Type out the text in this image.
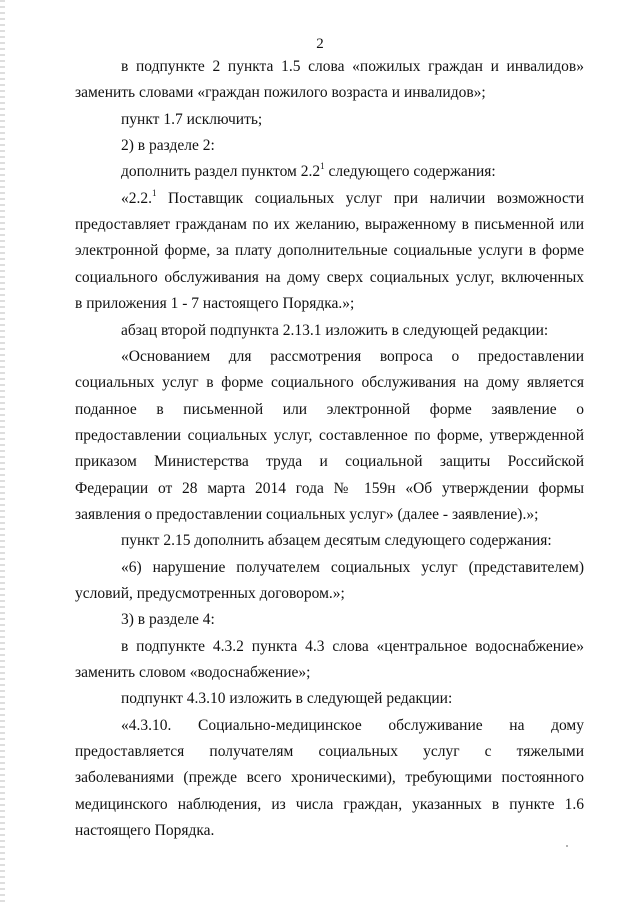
2
в подпункте 2 пункта 1.5 слова «пожилых граждан и инвалидов»
заменить словами «граждан пожилого возраста и инвалидов»;
пункт 1.7 исключить;
2) в разделе 2:
дополнить раздел пунктом $2.2^1$ следующего содержания:
«2.2.$^1$ Поставщик социальных услуг при наличии возможности
предоставляет гражданам по их желанию, выраженному в письменной или
электронной форме, за плату дополнительные социальные услуги в форме
социального обслуживания на дому сверх социальных услуг, включенных
в приложения 1 - 7 настоящего Порядка.»;
абзац второй подпункта 2.13.1 изложить в следующей редакции:
«Основанием для рассмотрения вопроса о предоставлении
социальных услуг в форме социального обслуживания на дому является
поданное в письменной или электронной форме заявление о
предоставлении социальных услуг, составленное по форме, утвержденной
приказом Министерства труда и социальной защиты Российской
Федерации от 28 марта 2014 года № 159н «Об утверждении формы
заявления о предоставлении социальных услуг» (далее - заявление).»;
пункт 2.15 дополнить абзацем десятым следующего содержания:
«6) нарушение получателем социальных услуг (представителем)
условий, предусмотренных договором.»;
3) в разделе 4:
в подпункте 4.3.2 пункта 4.3 слова «центральное водоснабжение»
заменить словом «водоснабжение»;
подпункт 4.3.10 изложить в следующей редакции:
«4.3.10. Социально-медицинское обслуживание на дому
предоставляется получателям социальных услуг с тяжелыми
заболеваниями (прежде всего хроническими), требующими постоянного
медицинского наблюдения, из числа граждан, указанных в пункте 1.6
настоящего Порядка.
